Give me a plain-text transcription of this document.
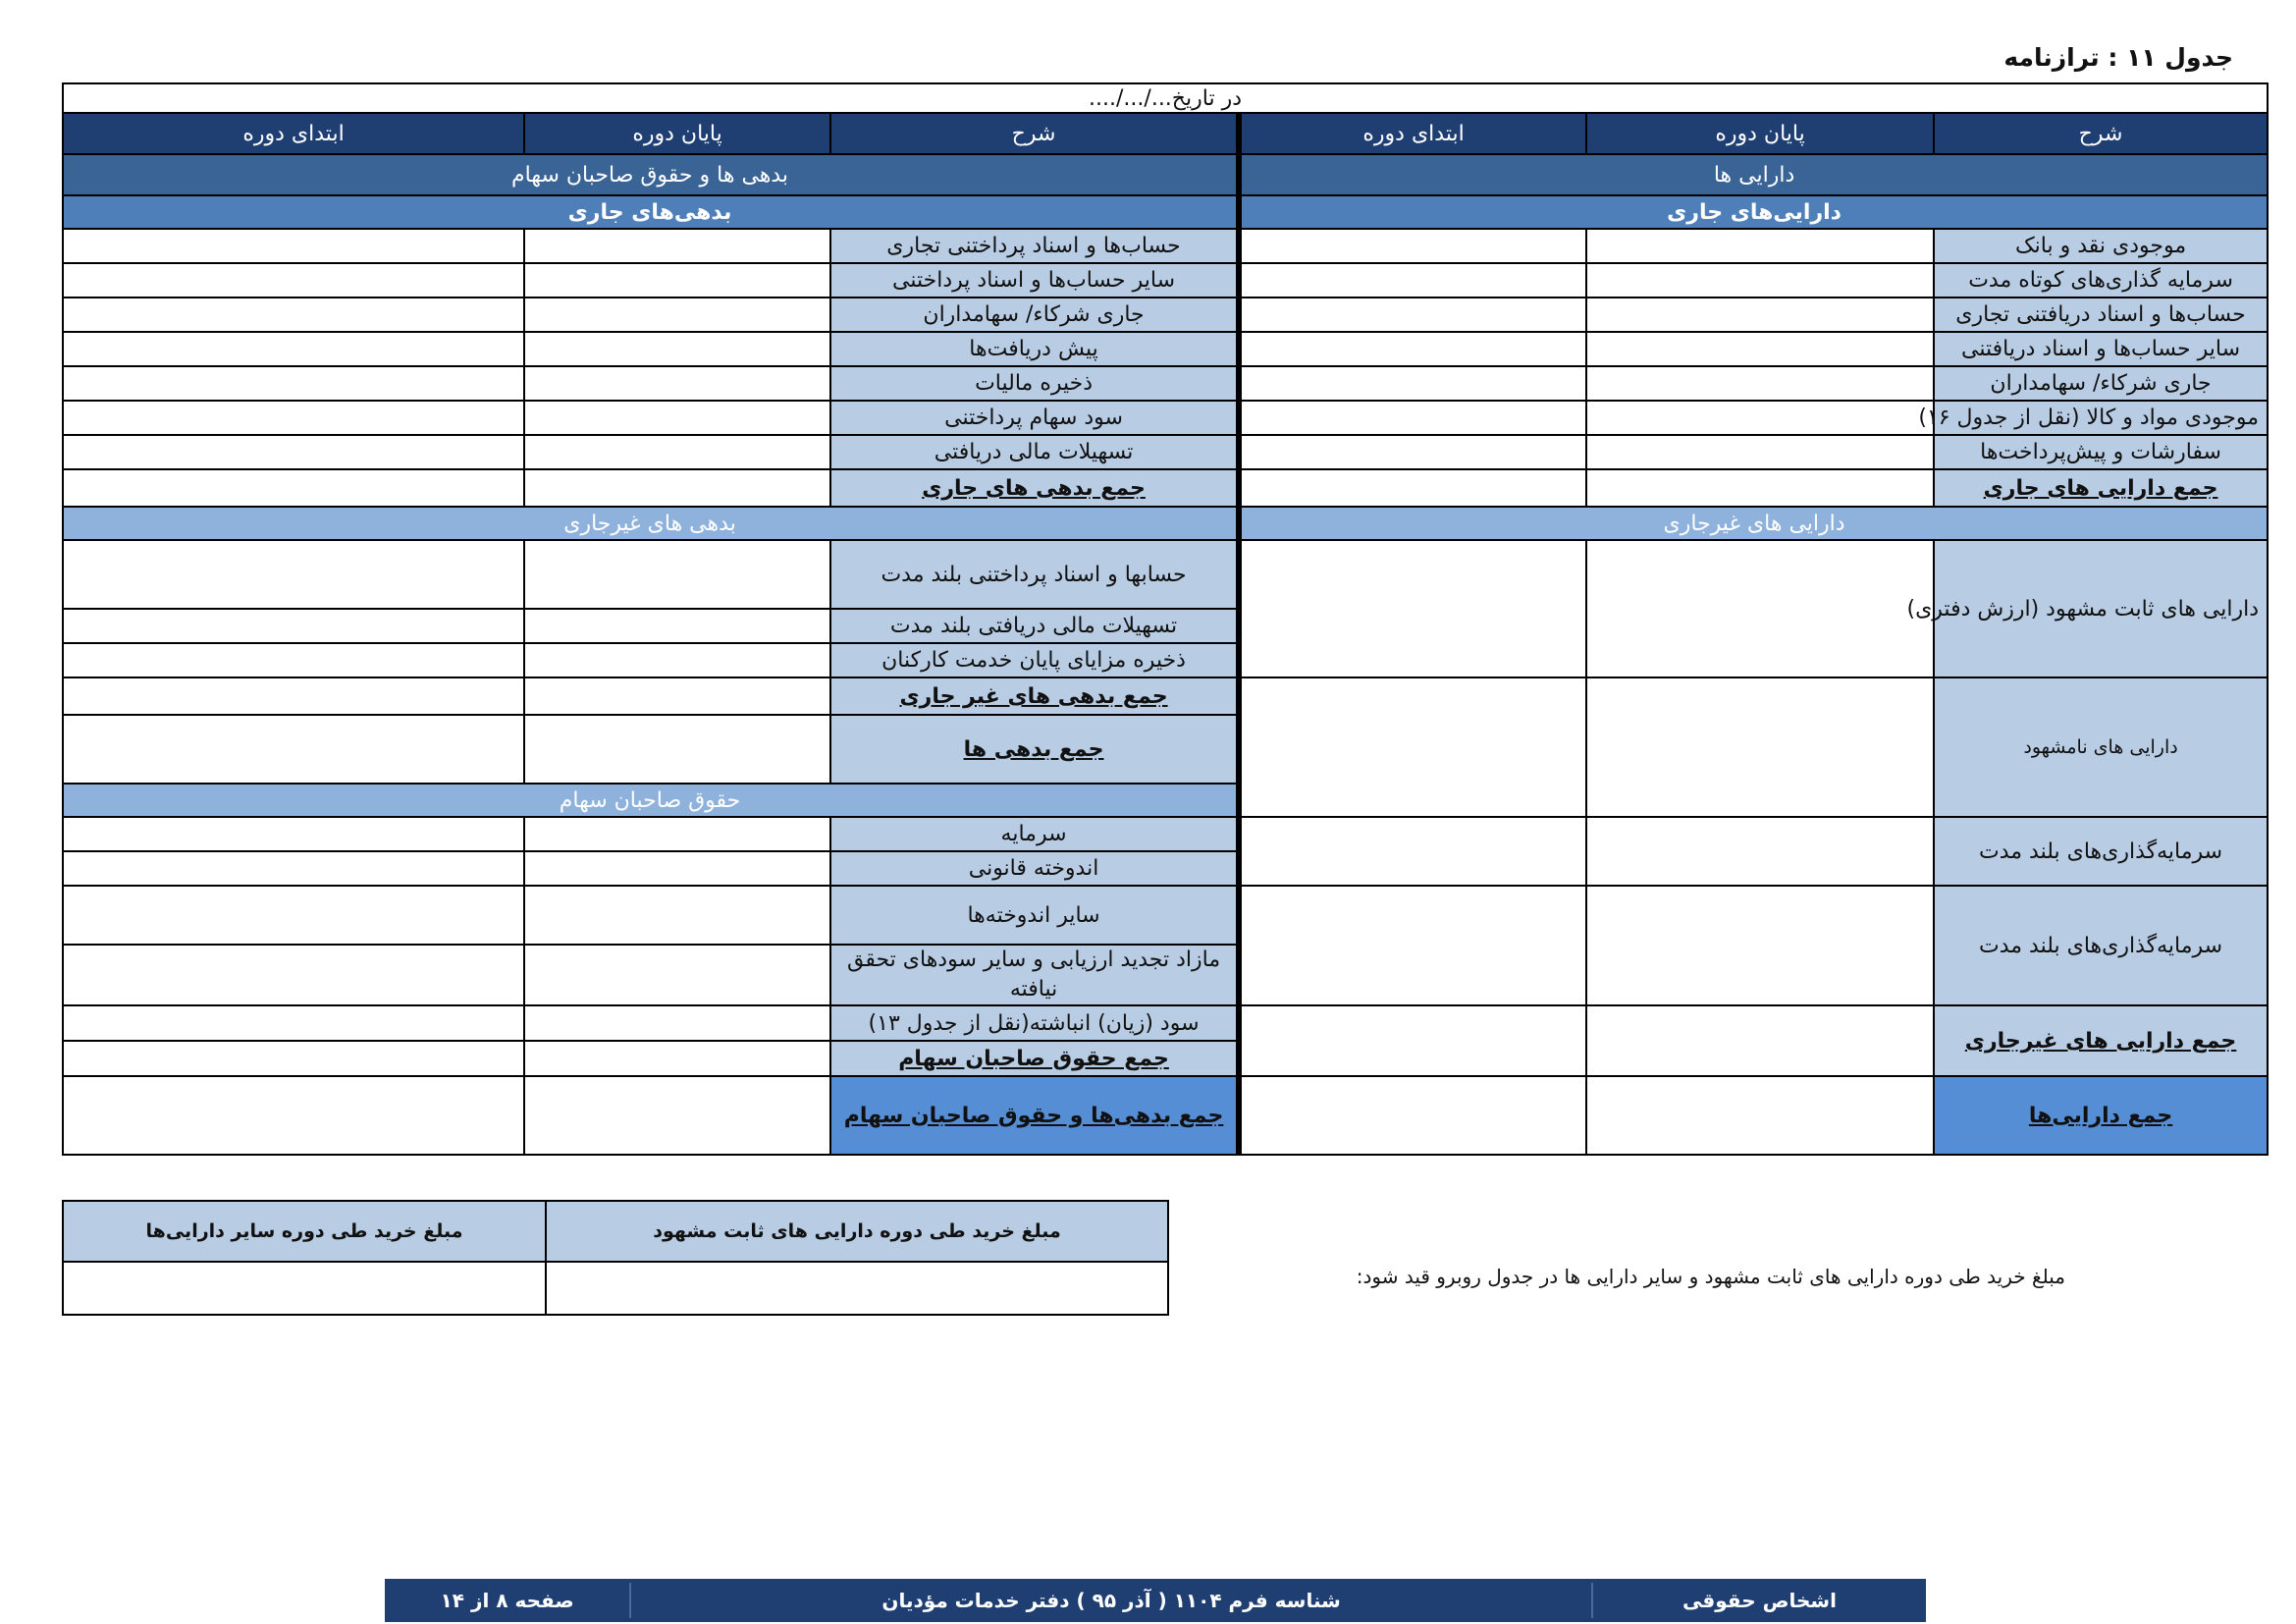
جدول ۱۱ : ترازنامه
در تاریخ.../.../....					
شرح	پایان دوره	ابتدای دوره	شرح	پایان دوره	ابتدای دوره
دارایی ها			بدهی ها و حقوق صاحبان سهام		
دارایی‌های جاری			بدهی‌های جاری		
موجودی نقد و بانک			حساب‌ها و اسناد پرداختنی تجاری		
سرمایه گذاری‌های کوتاه مدت			سایر حساب‌ها و اسناد پرداختنی		
حساب‌ها و اسناد دریافتنی تجاری			جاری شرکاء/ سهامداران		
سایر حساب‌ها و اسناد دریافتنی			پیش دریافت‌ها		
جاری شرکاء/ سهامداران			ذخیره مالیات		
موجودی مواد و کالا (نقل از جدول ۱۶)			سود سهام پرداختنی		
سفارشات و پیش‌پرداخت‌ها			تسهیلات مالی دریافتی		
جمع دارایی های جاری			جمع بدهی های جاری		
دارایی های غیرجاری			بدهی های غیرجاری		
دارایی های ثابت مشهود (ارزش دفتری)			حسابها و اسناد پرداختنی بلند مدت		
			تسهیلات مالی دریافتی بلند مدت		
			ذخیره مزایای پایان خدمت کارکنان		
دارایی های نامشهود			جمع بدهی های غیر جاری		
			جمع بدهی ها		
			حقوق صاحبان سهام		
سرمایه‌گذاری‌های بلند مدت			سرمایه		
			اندوخته قانونی		
سرمایه‌گذاری‌های بلند مدت			سایر اندوخته‌ها		
			مازاد تجدید ارزیابی و سایر سودهای تحقق نیافته		
جمع دارایی های غیرجاری			سود (زیان) انباشته(نقل از جدول ۱۳)		
			جمع حقوق صاحبان سهام		
جمع دارایی‌ها			جمع بدهی‌ها و حقوق صاحبان سهام		
مبلغ خرید طی دوره دارایی های ثابت مشهود و سایر دارایی ها در جدول روبرو قید شود:
مبلغ خرید طی دوره دارایی های ثابت مشهود	مبلغ خرید طی دوره سایر دارایی‌ها

اشخاص حقوقی
شناسه فرم ۱۱۰۴ ( آذر ۹۵ ) دفتر خدمات مؤدیان
صفحه ۸ از ۱۴
